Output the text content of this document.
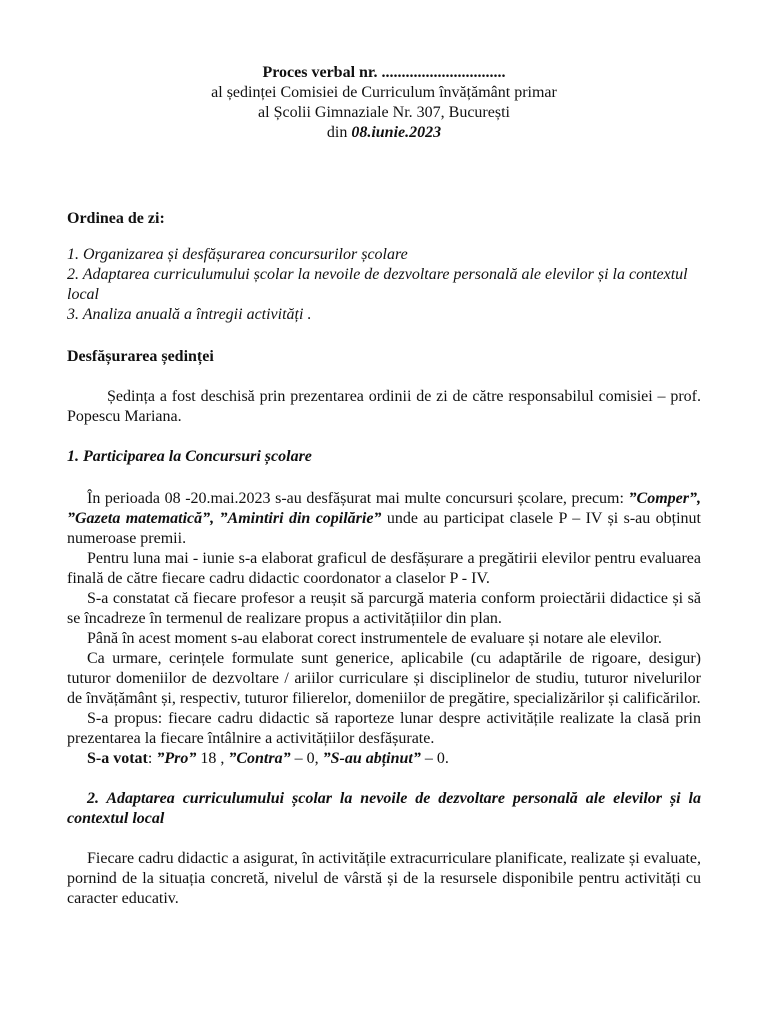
Proces verbal nr. ...............................
al ședinței Comisiei de Curriculum învățământ primar
al Școlii Gimnaziale Nr. 307, București
din 08.iunie.2023

Ordinea de zi:

1. Organizarea și desfășurarea concursurilor școlare
2. Adaptarea curriculumului școlar la nevoile de dezvoltare personală ale elevilor și la contextul local
3. Analiza anuală a întregii activități .

Desfășurarea ședinței

Ședința a fost deschisă prin prezentarea ordinii de zi de către responsabilul comisiei – prof. Popescu Mariana.

1. Participarea la Concursuri școlare

În perioada 08 -20.mai.2023 s-au desfășurat mai multe concursuri școlare, precum: ”Comper”, ”Gazeta matematică”, ”Amintiri din copilărie” unde au participat clasele P – IV și s-au obținut numeroase premii.

Pentru luna mai - iunie s-a elaborat graficul de desfășurare a pregătirii elevilor pentru evaluarea finală de către fiecare cadru didactic coordonator a claselor P - IV.

S-a constatat că fiecare profesor a reușit să parcurgă materia conform proiectării didactice și să se încadreze în termenul de realizare propus a activitățiilor din plan.

Până în acest moment s-au elaborat corect instrumentele de evaluare și notare ale elevilor.

Ca urmare, cerințele formulate sunt generice, aplicabile (cu adaptările de rigoare, desigur) tuturor domeniilor de dezvoltare / ariilor curriculare și disciplinelor de studiu, tuturor nivelurilor de învățământ și, respectiv, tuturor filierelor, domeniilor de pregătire, specializărilor și calificărilor.

S-a propus: fiecare cadru didactic să raporteze lunar despre activitățile realizate la clasă prin prezentarea la fiecare întâlnire a activitățiilor desfășurate.

S-a votat: ”Pro” 18 , ”Contra” – 0, ”S-au abținut” – 0.

2. Adaptarea curriculumului școlar la nevoile de dezvoltare personală ale elevilor și la contextul local

Fiecare cadru didactic a asigurat, în activitățile extracurriculare planificate, realizate și evaluate, pornind de la situația concretă, nivelul de vârstă și de la resursele disponibile pentru activități cu caracter educativ.
